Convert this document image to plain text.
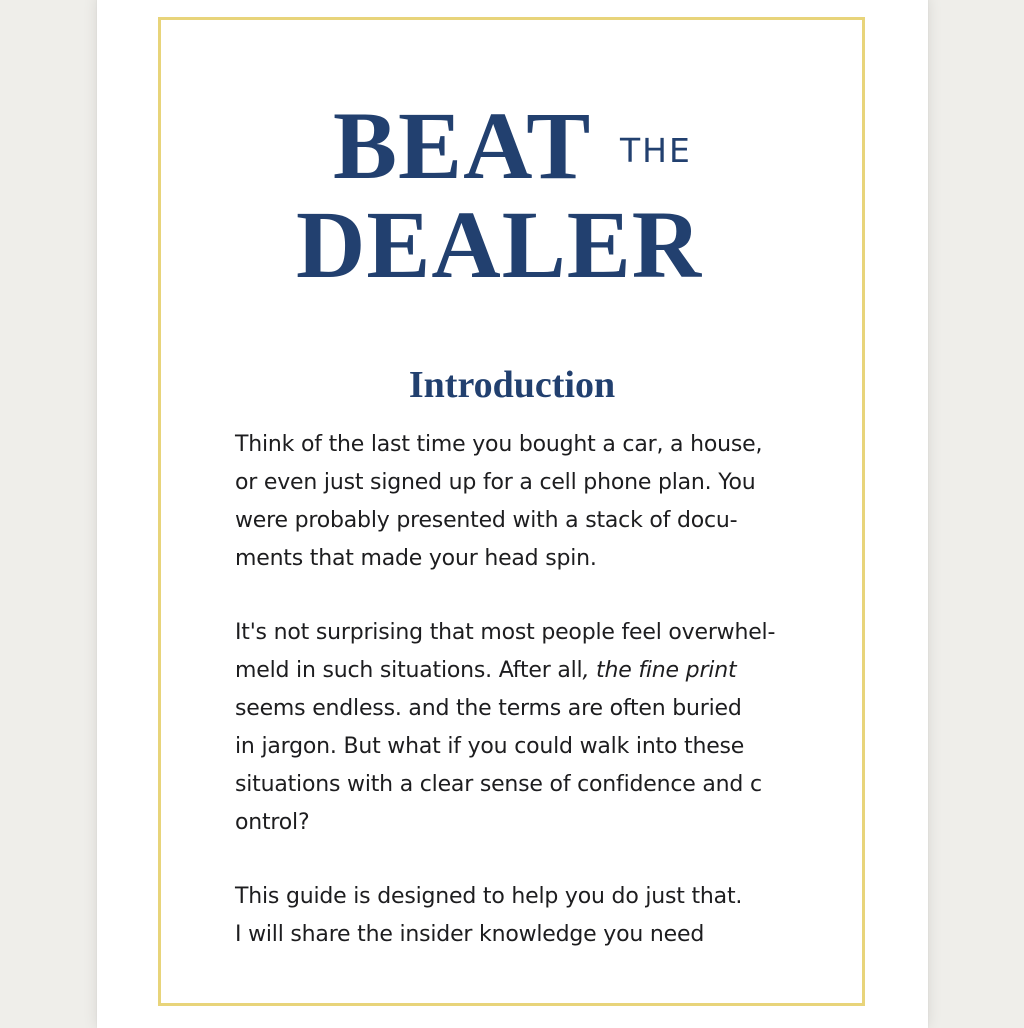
BEAT THE
DEALER
Introduction
Think of the last time you bought a car, a house,
or even just signed up for a cell phone plan. You
were probably presented with a stack of docu-
ments that made your head spin.
It's not surprising that most people feel overwhel-
meld in such situations. After all, the fine print
seems endless. and the terms are often buried
in jargon. But what if you could walk into these
situations with a clear sense of confidence and c
ontrol?
This guide is designed to help you do just that.
I will share the insider knowledge you need
